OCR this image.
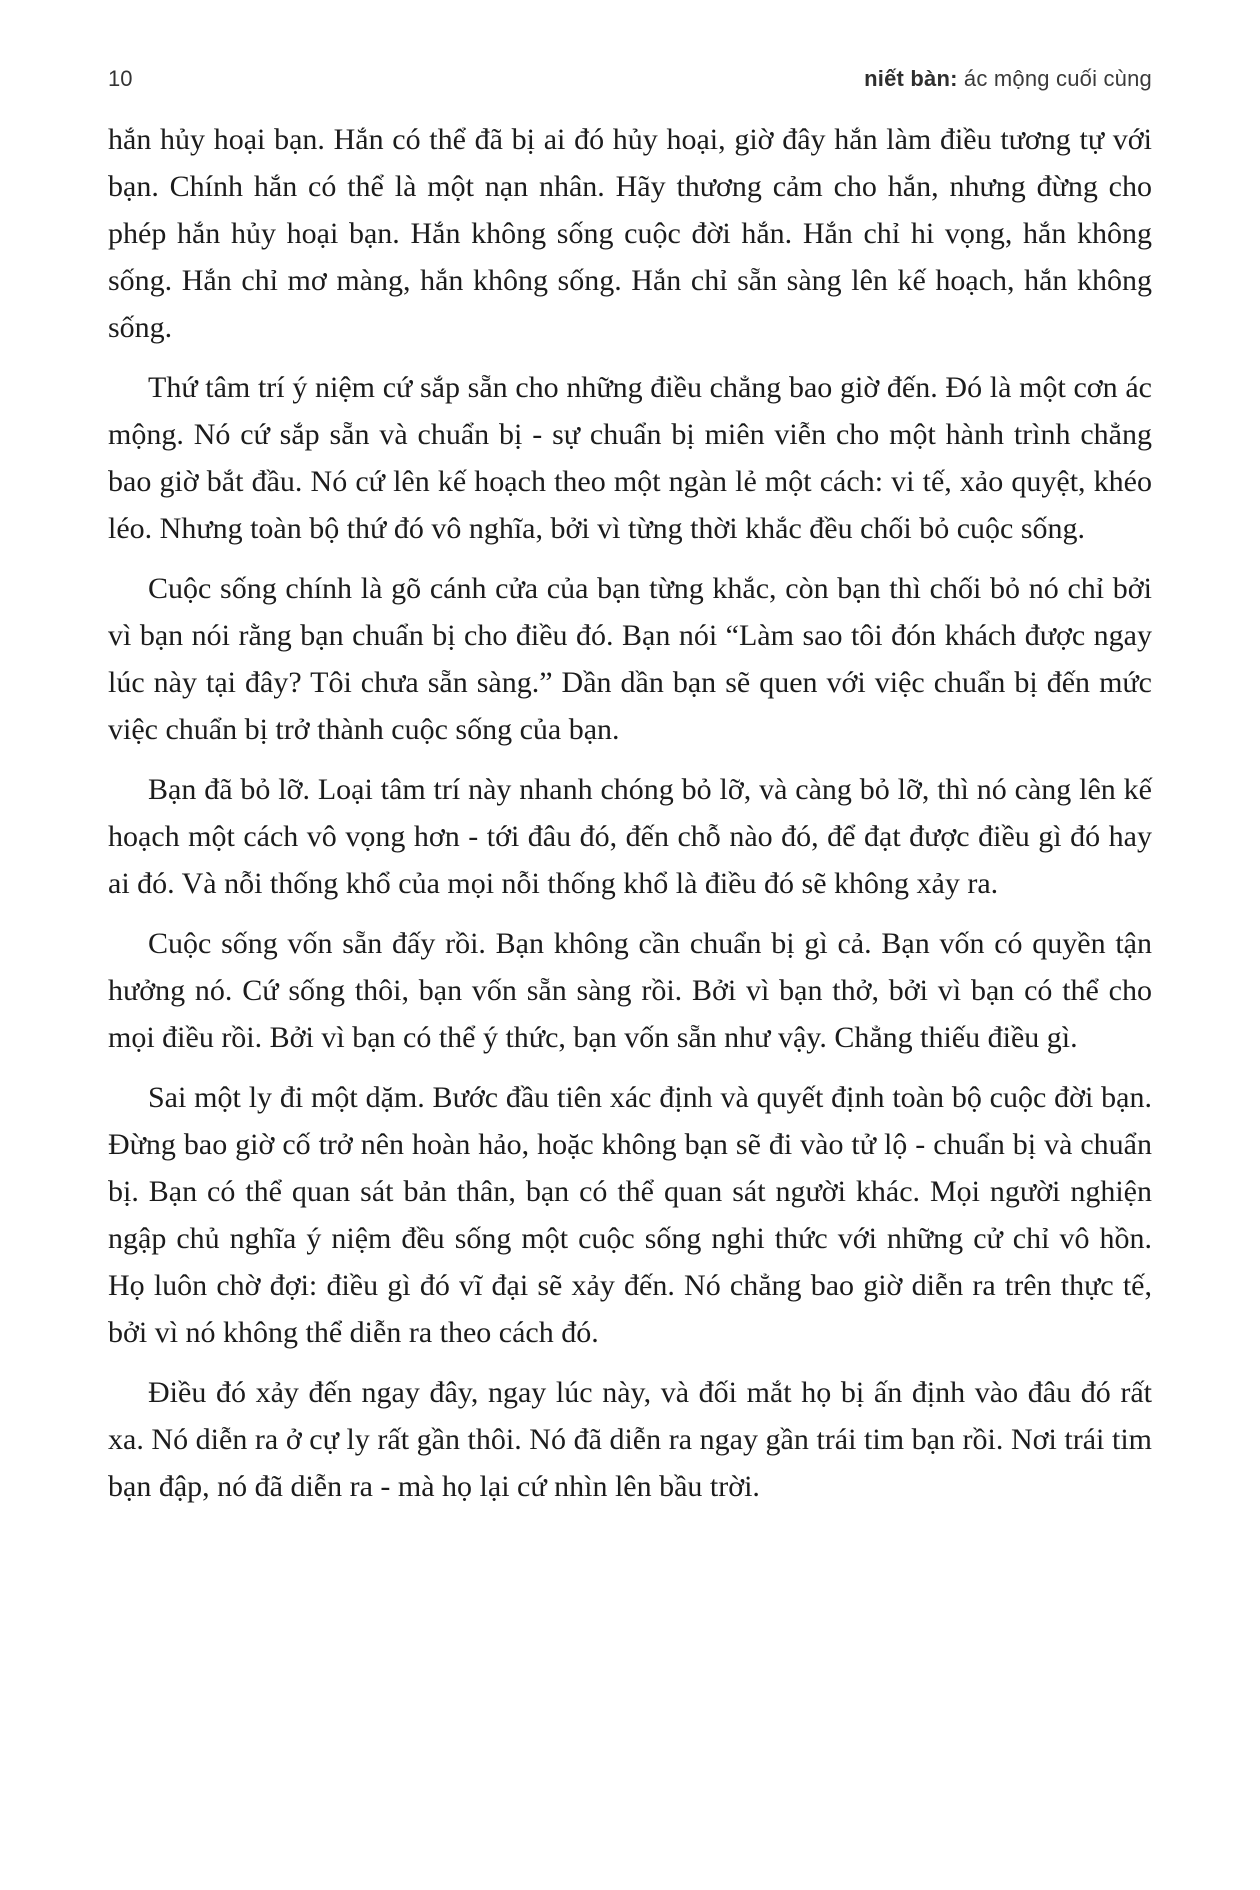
10	niết bàn: ác mộng cuối cùng

hắn hủy hoại bạn. Hắn có thể đã bị ai đó hủy hoại, giờ đây hắn làm điều tương tự với bạn. Chính hắn có thể là một nạn nhân. Hãy thương cảm cho hắn, nhưng đừng cho phép hắn hủy hoại bạn. Hắn không sống cuộc đời hắn. Hắn chỉ hi vọng, hắn không sống. Hắn chỉ mơ màng, hắn không sống. Hắn chỉ sẵn sàng lên kế hoạch, hắn không sống.

Thứ tâm trí ý niệm cứ sắp sẵn cho những điều chẳng bao giờ đến. Đó là một cơn ác mộng. Nó cứ sắp sẵn và chuẩn bị - sự chuẩn bị miên viễn cho một hành trình chẳng bao giờ bắt đầu. Nó cứ lên kế hoạch theo một ngàn lẻ một cách: vi tế, xảo quyệt, khéo léo. Nhưng toàn bộ thứ đó vô nghĩa, bởi vì từng thời khắc đều chối bỏ cuộc sống.

Cuộc sống chính là gõ cánh cửa của bạn từng khắc, còn bạn thì chối bỏ nó chỉ bởi vì bạn nói rằng bạn chuẩn bị cho điều đó. Bạn nói “Làm sao tôi đón khách được ngay lúc này tại đây? Tôi chưa sẵn sàng.” Dần dần bạn sẽ quen với việc chuẩn bị đến mức việc chuẩn bị trở thành cuộc sống của bạn.

Bạn đã bỏ lỡ. Loại tâm trí này nhanh chóng bỏ lỡ, và càng bỏ lỡ, thì nó càng lên kế hoạch một cách vô vọng hơn - tới đâu đó, đến chỗ nào đó, để đạt được điều gì đó hay ai đó. Và nỗi thống khổ của mọi nỗi thống khổ là điều đó sẽ không xảy ra.

Cuộc sống vốn sẵn đấy rồi. Bạn không cần chuẩn bị gì cả. Bạn vốn có quyền tận hưởng nó. Cứ sống thôi, bạn vốn sẵn sàng rồi. Bởi vì bạn thở, bởi vì bạn có thể cho mọi điều rồi. Bởi vì bạn có thể ý thức, bạn vốn sẵn như vậy. Chẳng thiếu điều gì.

Sai một ly đi một dặm. Bước đầu tiên xác định và quyết định toàn bộ cuộc đời bạn. Đừng bao giờ cố trở nên hoàn hảo, hoặc không bạn sẽ đi vào tử lộ - chuẩn bị và chuẩn bị. Bạn có thể quan sát bản thân, bạn có thể quan sát người khác. Mọi người nghiện ngập chủ nghĩa ý niệm đều sống một cuộc sống nghi thức với những cử chỉ vô hồn. Họ luôn chờ đợi: điều gì đó vĩ đại sẽ xảy đến. Nó chẳng bao giờ diễn ra trên thực tế, bởi vì nó không thể diễn ra theo cách đó.

Điều đó xảy đến ngay đây, ngay lúc này, và đối mắt họ bị ấn định vào đâu đó rất xa. Nó diễn ra ở cự ly rất gần thôi. Nó đã diễn ra ngay gần trái tim bạn rồi. Nơi trái tim bạn đập, nó đã diễn ra - mà họ lại cứ nhìn lên bầu trời.
